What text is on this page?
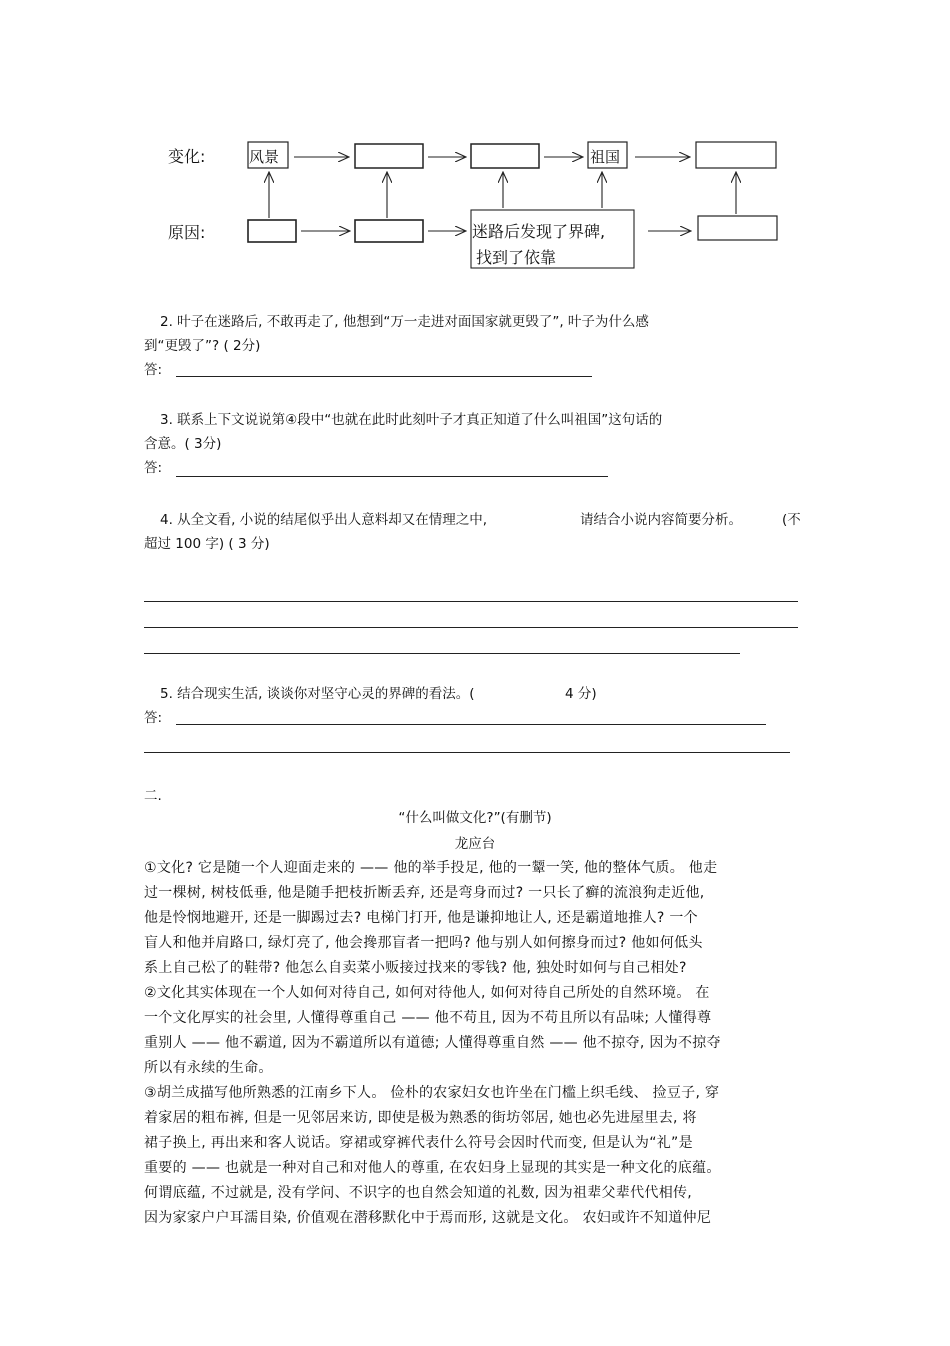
变化:
原因:
风景	祖国
迷路后发现了界碑,
找到了依靠
2. 叶子在迷路后, 不敢再走了, 他想到“万一走进对面国家就更毁了”, 叶子为什么感
到“更毁了”? ( 2分)
答:
3. 联系上下文说说第④段中“也就在此时此刻叶子才真正知道了什么叫祖国”这句话的
含意。( 3分)
答:
4. 从全文看, 小说的结尾似乎出人意料却又在情理之中,	请结合小说内容简要分析。	(不
超过 100 字) ( 3 分)
5. 结合现实生活, 谈谈你对坚守心灵的界碑的看法。(	4 分)
答:
二.
“什么叫做文化?”(有删节)
龙应台
①文化? 它是随一个人迎面走来的 —— 他的举手投足, 他的一颦一笑, 他的整体气质。 他走
过一棵树, 树枝低垂, 他是随手把枝折断丢弃, 还是弯身而过? 一只长了癣的流浪狗走近他,
他是怜悯地避开, 还是一脚踢过去? 电梯门打开, 他是谦抑地让人, 还是霸道地推人? 一个
盲人和他并肩路口, 绿灯亮了, 他会搀那盲者一把吗? 他与别人如何擦身而过? 他如何低头
系上自己松了的鞋带? 他怎么自卖菜小贩接过找来的零钱? 他, 独处时如何与自己相处?
②文化其实体现在一个人如何对待自己, 如何对待他人, 如何对待自己所处的自然环境。 在
一个文化厚实的社会里, 人懂得尊重自己 —— 他不苟且, 因为不苟且所以有品味; 人懂得尊
重别人 —— 他不霸道, 因为不霸道所以有道德; 人懂得尊重自然 —— 他不掠夺, 因为不掠夺
所以有永续的生命。
③胡兰成描写他所熟悉的江南乡下人。 俭朴的农家妇女也许坐在门槛上织毛线、 捡豆子, 穿
着家居的粗布裤, 但是一见邻居来访, 即使是极为熟悉的街坊邻居, 她也必先进屋里去, 将
裙子换上, 再出来和客人说话。穿裙或穿裤代表什么符号会因时代而变, 但是认为“礼”是
重要的 —— 也就是一种对自己和对他人的尊重, 在农妇身上显现的其实是一种文化的底蕴。
何谓底蕴, 不过就是, 没有学问、不识字的也自然会知道的礼数, 因为祖辈父辈代代相传,
因为家家户户耳濡目染, 价值观在潜移默化中于焉而形, 这就是文化。 农妇或许不知道仲尼
